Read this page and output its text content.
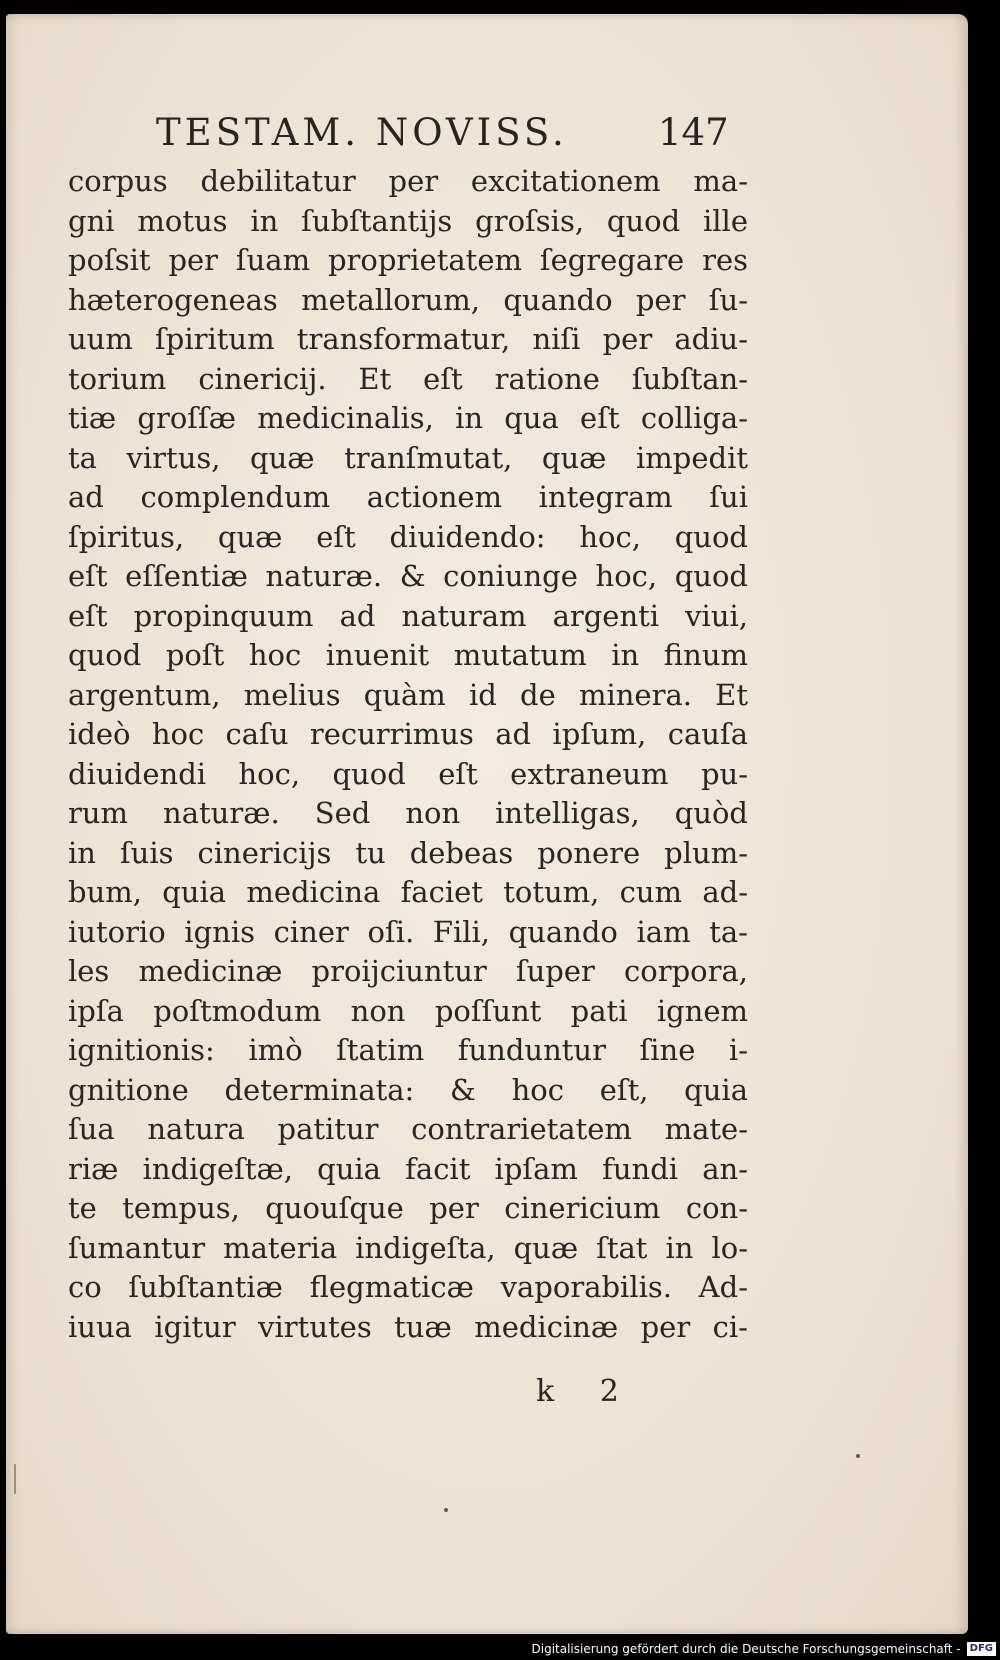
TESTAM. NOVISS. 147
corpus debilitatur per excitationem ma-
gni motus in ſubſtantijs groſsis, quod ille
poſsit per ſuam proprietatem ſegregare res
hæterogeneas metallorum, quando per ſu-
uum ſpiritum transformatur, niſi per adiu-
torium cinericij. Et eſt ratione ſubſtan-
tiæ groſſæ medicinalis, in qua eſt colliga-
ta virtus, quæ tranſmutat, quæ impedit
ad complendum actionem integram ſui
ſpiritus, quæ eſt diuidendo: hoc, quod
eſt eſſentiæ naturæ. & coniunge hoc, quod
eſt propinquum ad naturam argenti viui,
quod poſt hoc inuenit mutatum in finum
argentum, melius quàm id de minera. Et
ideò hoc caſu recurrimus ad ipſum, cauſa
diuidendi hoc, quod eſt extraneum pu-
rum naturæ. Sed non intelligas, quòd
in ſuis cinericijs tu debeas ponere plum-
bum, quia medicina faciet totum, cum ad-
iutorio ignis ciner oſi. Fili, quando iam ta-
les medicinæ proijciuntur ſuper corpora,
ipſa poſtmodum non poſſunt pati ignem
ignitionis: imò ſtatim funduntur ſine i-
gnitione determinata: & hoc eſt, quia
ſua natura patitur contrarietatem mate-
riæ indigeſtæ, quia facit ipſam fundi an-
te tempus, quouſque per cinericium con-
ſumantur materia indigeſta, quæ ſtat in lo-
co ſubſtantiæ flegmaticæ vaporabilis. Ad-
iuua igitur virtutes tuæ medicinæ per ci-
k 2
Digitalisierung gefördert durch die Deutsche Forschungsgemeinschaft - DFG
